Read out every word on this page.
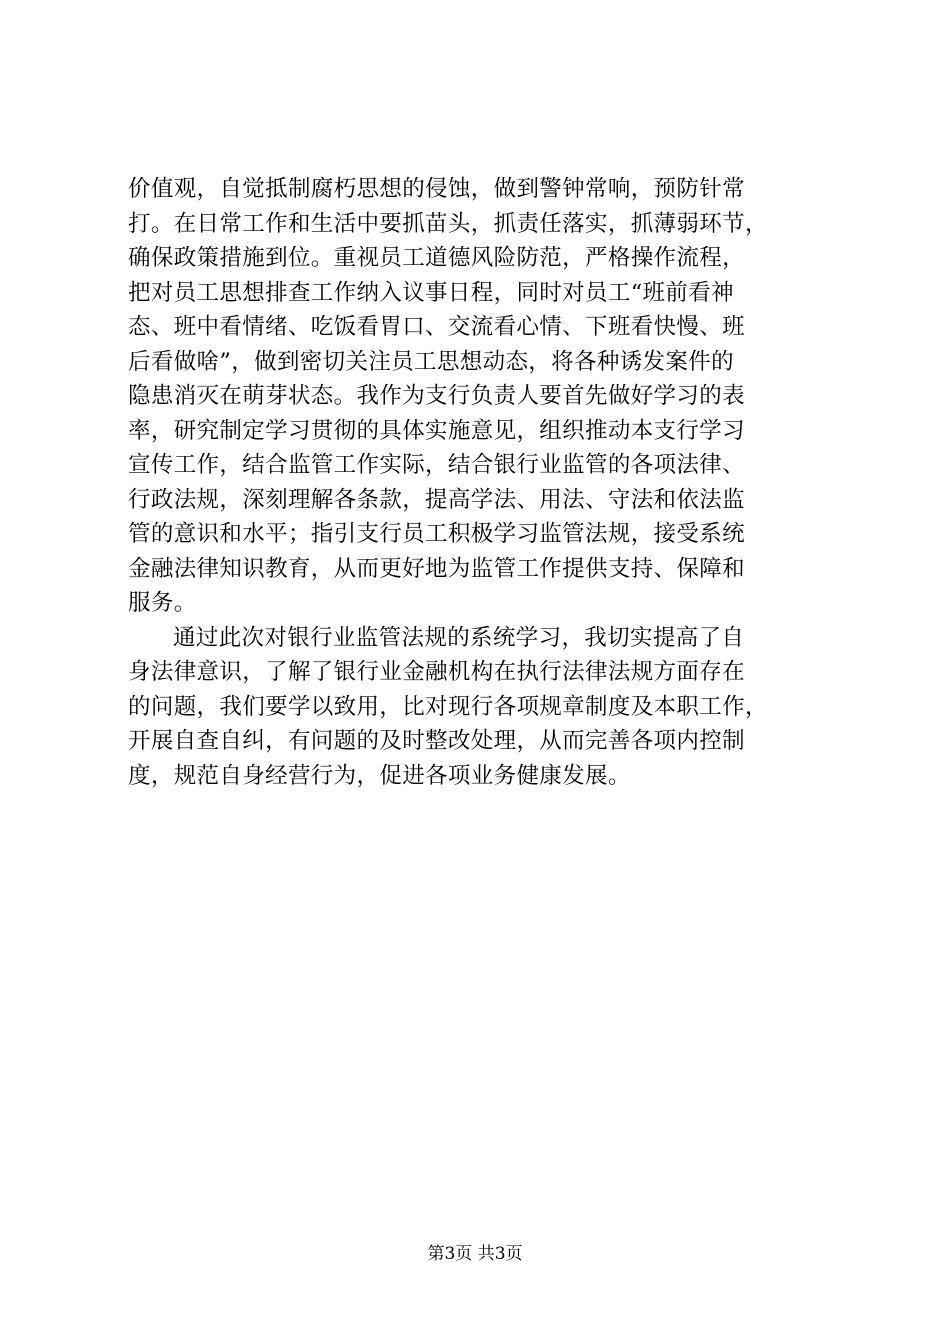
价值观，自觉抵制腐朽思想的侵蚀，做到警钟常响，预防针常
打。在日常工作和生活中要抓苗头，抓责任落实，抓薄弱环节，
确保政策措施到位。重视员工道德风险防范，严格操作流程，
把对员工思想排查工作纳入议事日程，同时对员工“班前看神
态、班中看情绪、吃饭看胃口、交流看心情、下班看快慢、班
后看做啥”，做到密切关注员工思想动态，将各种诱发案件的
隐患消灭在萌芽状态。我作为支行负责人要首先做好学习的表
率，研究制定学习贯彻的具体实施意见，组织推动本支行学习
宣传工作，结合监管工作实际，结合银行业监管的各项法律、
行政法规，深刻理解各条款，提高学法、用法、守法和依法监
管的意识和水平；指引支行员工积极学习监管法规，接受系统
金融法律知识教育，从而更好地为监管工作提供支持、保障和
服务。
通过此次对银行业监管法规的系统学习，我切实提高了自
身法律意识，了解了银行业金融机构在执行法律法规方面存在
的问题，我们要学以致用，比对现行各项规章制度及本职工作，
开展自查自纠，有问题的及时整改处理，从而完善各项内控制
度，规范自身经营行为，促进各项业务健康发展。
第3页 共3页
